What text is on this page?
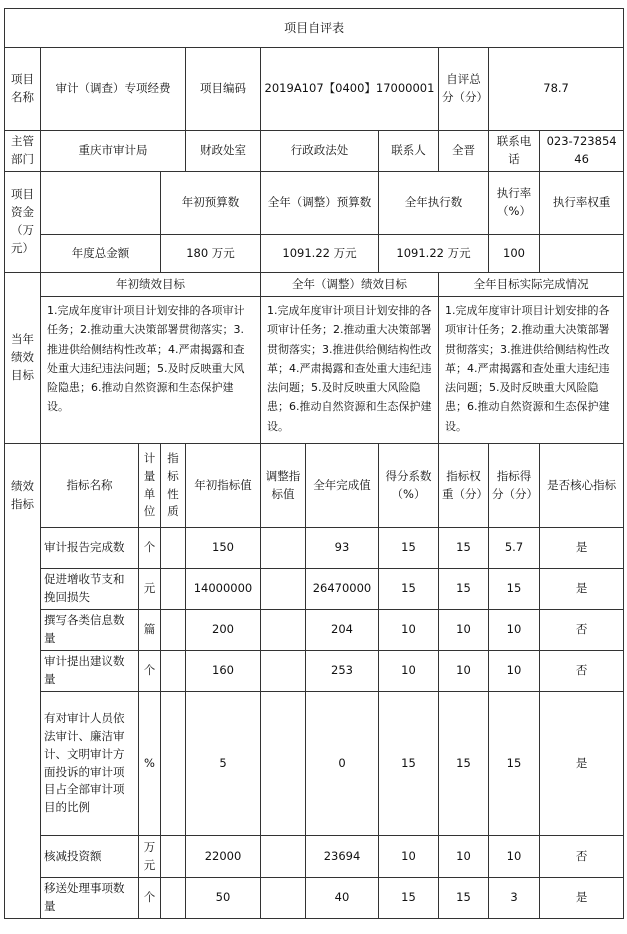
项目自评表										
项目名称	审计（调查）专项经费			项目编码	2019A107【0400】17000001			自评总分（分）	78.7	
主管部门	重庆市审计局			财政处室	行政政法处		联系人	全晋	联系电话	023-72385446
项目资金（万元）			年初预算数		全年（调整）预算数		全年执行数		执行率（%）	执行率权重
	年度总金额		180 万元		1091.22 万元		1091.22 万元		100	
当年绩效目标	年初绩效目标				全年（调整）绩效目标			全年目标实际完成情况		
	1.完成年度审计项目计划安排的各项审计任务；2.推动重大决策部署贯彻落实；3.推进供给侧结构性改革；4.严肃揭露和查处重大违纪违法问题；5.及时反映重大风险隐患；6.推动自然资源和生态保护建设。				1.完成年度审计项目计划安排的各项审计任务；2.推动重大决策部署贯彻落实；3.推进供给侧结构性改革；4.严肃揭露和查处重大违纪违法问题；5.及时反映重大风险隐患；6.推动自然资源和生态保护建设。			1.完成年度审计项目计划安排的各项审计任务；2.推动重大决策部署贯彻落实；3.推进供给侧结构性改革；4.严肃揭露和查处重大违纪违法问题；5.及时反映重大风险隐患；6.推动自然资源和生态保护建设。		
绩效指标	指标名称	计量单位	指标性质	年初指标值	调整指标值	全年完成值	得分系数（%）	指标权重（分）	指标得分（分）	是否核心指标
	审计报告完成数	个		150		93	15	15	5.7	是
	促进增收节支和挽回损失	元		14000000		26470000	15	15	15	是
	撰写各类信息数量	篇		200		204	10	10	10	否
	审计提出建议数量	个		160		253	10	10	10	否
	有对审计人员依法审计、廉洁审计、文明审计方面投诉的审计项目占全部审计项目的比例	%		5		0	15	15	15	是
	核减投资额	万元		22000		23694	10	10	10	否
	移送处理事项数量	个		50		40	15	15	3	是
